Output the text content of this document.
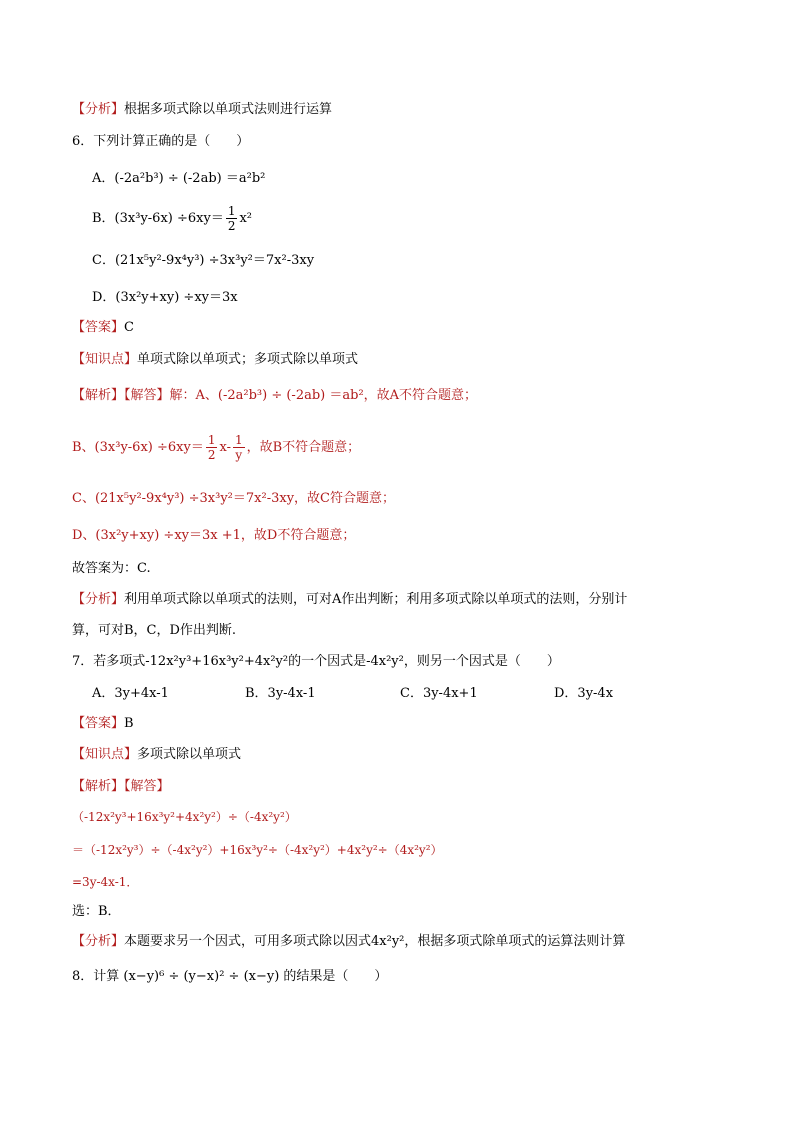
【分析】根据多项式除以单项式法则进行运算
6．下列计算正确的是（　　）
A．(-2a²b³) ÷ (-2ab) ＝a²b²
B．$(3x^3y-6x) \div 6xy= \frac{1}{2} x^2$
C．(21x⁵y²-9x⁴y³) ÷3x³y²＝7x²-3xy
D．(3x²y+xy) ÷xy＝3x
【答案】C
【知识点】单项式除以单项式；多项式除以单项式
【解析】【解答】解：A、(-2a²b³) ÷ (-2ab) ＝ab²，故A不符合题意；
B、$(3x^3y-6x) \div 6xy= \frac{1}{2} x- \frac{1}{y}$ ，故B不符合题意；
C、(21x⁵y²-9x⁴y³) ÷3x³y²＝7x²-3xy，故C符合题意；
D、(3x²y+xy) ÷xy＝3x +1，故D不符合题意；
故答案为：C.
【分析】利用单项式除以单项式的法则，可对A作出判断；利用多项式除以单项式的法则，分别计
算，可对B，C，D作出判断.
7．若多项式-12x²y³+16x³y²+4x²y²的一个因式是-4x²y²，则另一个因式是（　　）
A．3y+4x-1	B．3y-4x-1	C．3y-4x+1	D．3y-4x
【答案】B
【知识点】多项式除以单项式
【解析】【解答】
（-12x²y³+16x³y²+4x²y²）÷（-4x²y²）
＝（-12x²y³）÷（-4x²y²）+16x³y²÷（-4x²y²）+4x²y²÷（4x²y²）
=3y-4x-1．
选：B．
【分析】本题要求另一个因式，可用多项式除以因式4x²y²，根据多项式除单项式的运算法则计算
8．计算 (x−y)⁶ ÷ (y−x)² ÷ (x−y) 的结果是（　　）
